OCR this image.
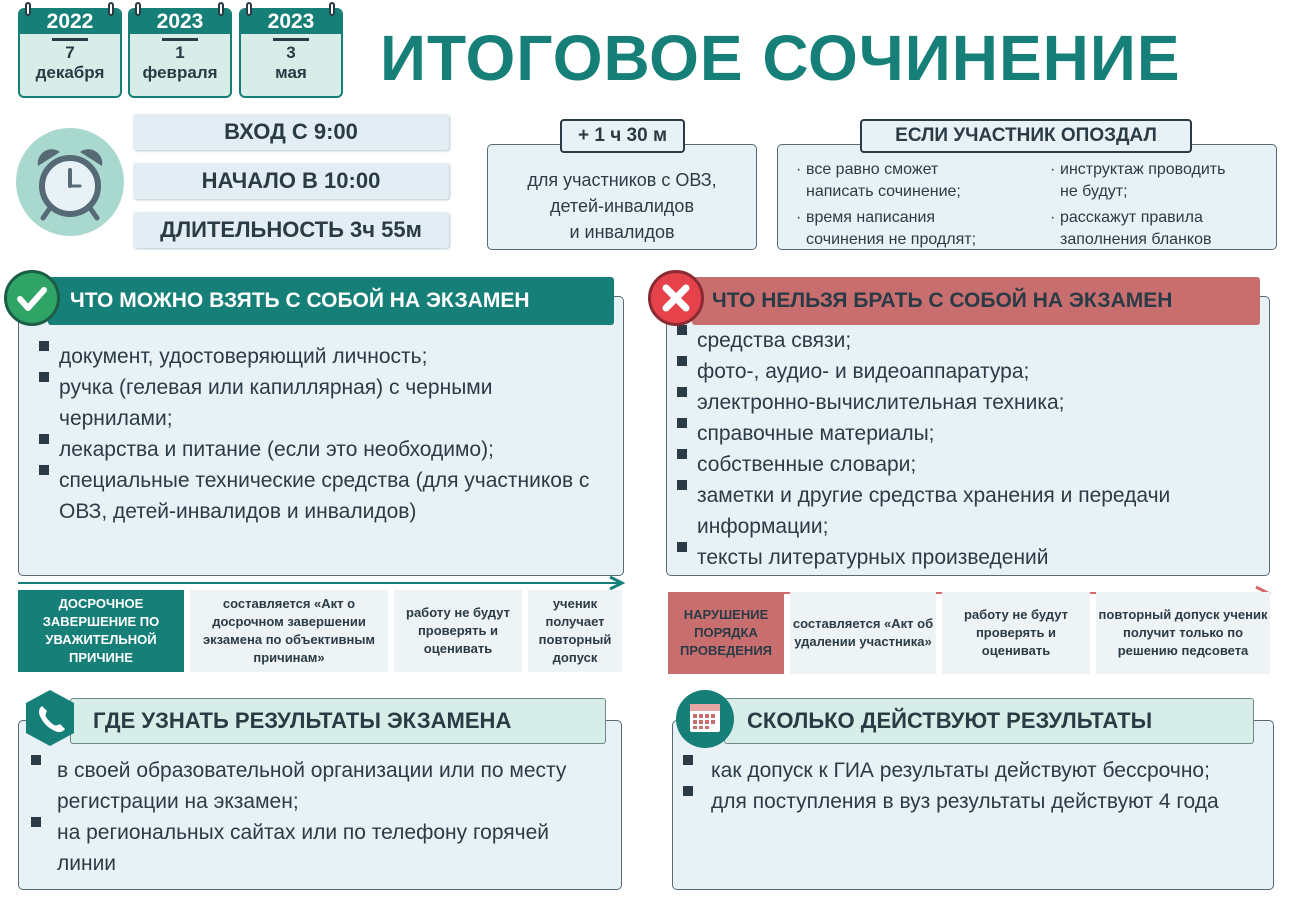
2022
7
декабря
2023
1
февраля
2023
3
мая	ИТОГОВОЕ СОЧИНЕНИЕ
ВХОД С 9:00
НАЧАЛО В 10:00
ДЛИТЕЛЬНОСТЬ 3ч 55м
для участников с ОВЗ,
детей-инвалидов
и инвалидов
+ 1 ч 30 м
· все равно сможет
написать сочинение;
· время написания
сочинения не продлят;
· инструктаж проводить
не будут;
· расскажут правила
заполнения бланков
ЕСЛИ УЧАСТНИК ОПОЗДАЛ
документ, удостоверяющий личность;
ручка (гелевая или капиллярная) с черными чернилами;
лекарства и питание (если это необходимо);
специальные технические средства (для участников с ОВЗ, детей-инвалидов и инвалидов)
ЧТО МОЖНО ВЗЯТЬ С СОБОЙ НА ЭКЗАМЕН
средства связи;
фото-, аудио- и видеоаппаратура;
электронно-вычислительная техника;
справочные материалы;
собственные словари;
заметки и другие средства хранения и передачи информации;
тексты литературных произведений
ЧТО НЕЛЬЗЯ БРАТЬ С СОБОЙ НА ЭКЗАМЕН
ДОСРОЧНОЕ ЗАВЕРШЕНИЕ ПО УВАЖИТЕЛЬНОЙ ПРИЧИНЕ
составляется «Акт о досрочном завершении экзамена по объективным причинам»
работу не будут проверять и оценивать
ученик получает повторный допуск
НАРУШЕНИЕ ПОРЯДКА ПРОВЕДЕНИЯ
составляется «Акт об удалении участника»
работу не будут проверять и оценивать
повторный допуск ученик получит только по решению педсовета
в своей образовательной организации или по месту регистрации на экзамен;
на региональных сайтах или по телефону горячей линии
ГДЕ УЗНАТЬ РЕЗУЛЬТАТЫ ЭКЗАМЕНА
как допуск к ГИА результаты действуют бессрочно;
для поступления в вуз результаты действуют 4 года
СКОЛЬКО ДЕЙСТВУЮТ РЕЗУЛЬТАТЫ
